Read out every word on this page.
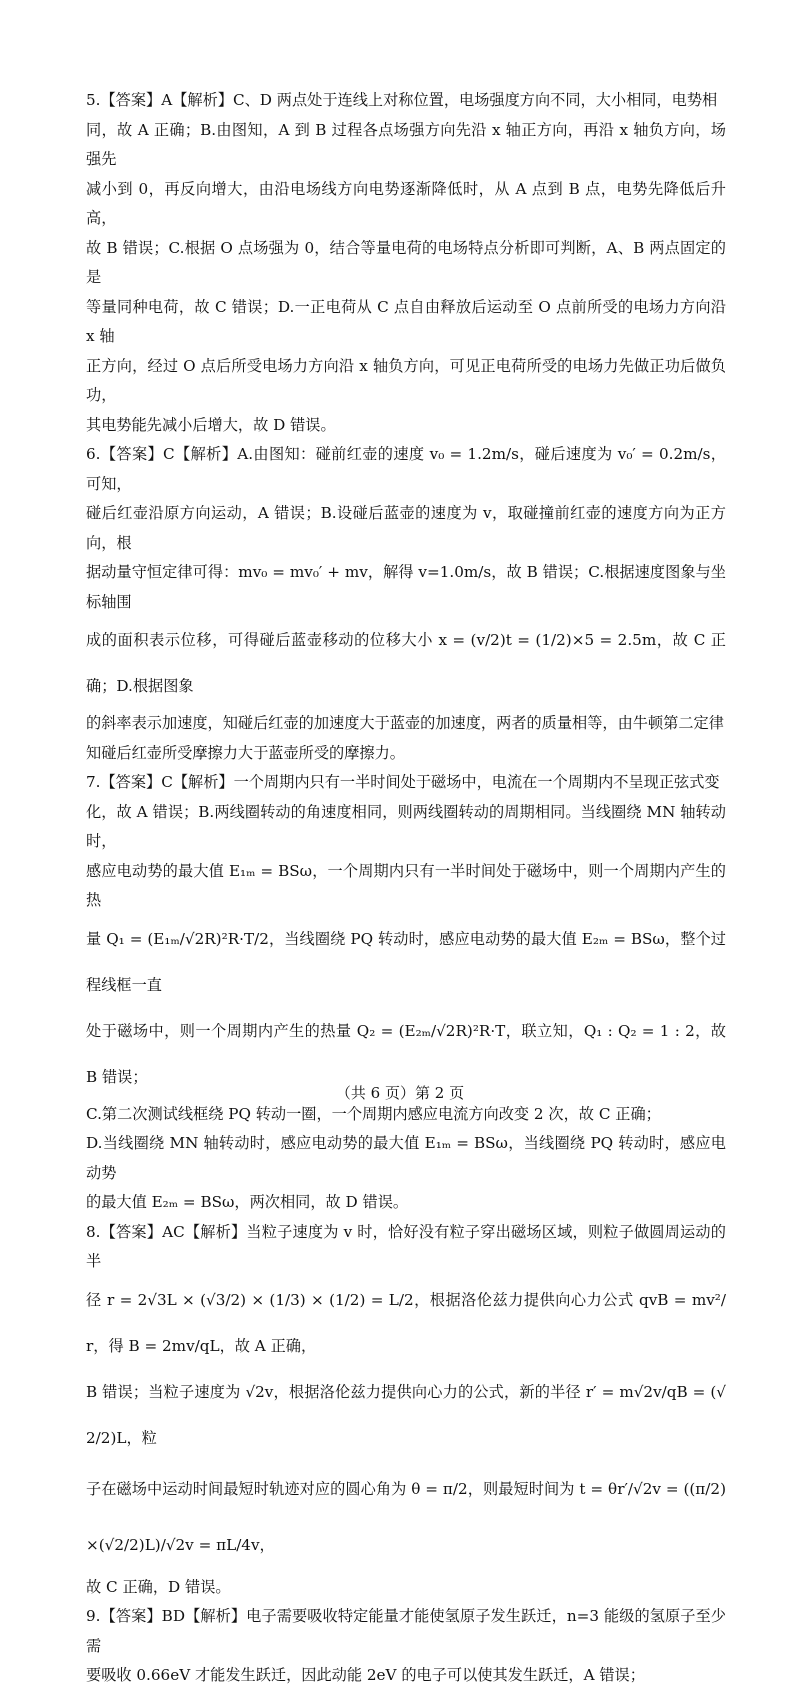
5.【答案】A【解析】C、D 两点处于连线上对称位置，电场强度方向不同，大小相同，电势相

同，故 A 正确；B.由图知，A 到 B 过程各点场强方向先沿 x 轴正方向，再沿 x 轴负方向，场强先

减小到 0，再反向增大，由沿电场线方向电势逐渐降低时，从 A 点到 B 点，电势先降低后升高，

故 B 错误；C.根据 O 点场强为 0，结合等量电荷的电场特点分析即可判断，A、B 两点固定的是

等量同种电荷，故 C 错误；D.一正电荷从 C 点自由释放后运动至 O 点前所受的电场力方向沿 x 轴

正方向，经过 O 点后所受电场力方向沿 x 轴负方向，可见正电荷所受的电场力先做正功后做负功，

其电势能先减小后增大，故 D 错误。

6.【答案】C【解析】A.由图知：碰前红壶的速度 v₀ = 1.2m/s，碰后速度为 v₀′ = 0.2m/s，可知，

碰后红壶沿原方向运动，A 错误；B.设碰后蓝壶的速度为 v，取碰撞前红壶的速度方向为正方向，根

据动量守恒定律可得：mv₀ = mv₀′ + mv，解得 v=1.0m/s，故 B 错误；C.根据速度图象与坐标轴围

成的面积表示位移，可得碰后蓝壶移动的位移大小 x = (v/2)t = (1/2)×5 = 2.5m，故 C 正确；D.根据图象

的斜率表示加速度，知碰后红壶的加速度大于蓝壶的加速度，两者的质量相等，由牛顿第二定律

知碰后红壶所受摩擦力大于蓝壶所受的摩擦力。

7.【答案】C【解析】一个周期内只有一半时间处于磁场中，电流在一个周期内不呈现正弦式变

化，故 A 错误；B.两线圈转动的角速度相同，则两线圈转动的周期相同。当线圈绕 MN 轴转动时，

感应电动势的最大值 E₁ₘ = BSω，一个周期内只有一半时间处于磁场中，则一个周期内产生的热

量 Q₁ = (E₁ₘ/√2R)²R·T/2，当线圈绕 PQ 转动时，感应电动势的最大值 E₂ₘ = BSω，整个过程线框一直

处于磁场中，则一个周期内产生的热量 Q₂ = (E₂ₘ/√2R)²R·T，联立知，Q₁ : Q₂ = 1 : 2，故 B 错误；

C.第二次测试线框绕 PQ 转动一圈，一个周期内感应电流方向改变 2 次，故 C 正确；

D.当线圈绕 MN 轴转动时，感应电动势的最大值 E₁ₘ = BSω，当线圈绕 PQ 转动时，感应电动势

的最大值 E₂ₘ = BSω，两次相同，故 D 错误。

8.【答案】AC【解析】当粒子速度为 v 时，恰好没有粒子穿出磁场区域，则粒子做圆周运动的半

径 r = 2√3L × (√3/2) × (1/3) × (1/2) = L/2，根据洛伦兹力提供向心力公式 qvB = mv²/r，得 B = 2mv/qL，故 A 正确，

B 错误；当粒子速度为 √2v，根据洛伦兹力提供向心力的公式，新的半径 r′ = m√2v/qB = (√2/2)L，粒

子在磁场中运动时间最短时轨迹对应的圆心角为 θ = π/2，则最短时间为 t = θr′/√2v = ((π/2)×(√2/2)L)/√2v = πL/4v，

故 C 正确，D 错误。

9.【答案】BD【解析】电子需要吸收特定能量才能使氢原子发生跃迁，n=3 能级的氢原子至少需

要吸收 0.66eV 才能发生跃迁，因此动能 2eV 的电子可以使其发生跃迁，A 错误；

（共 6 页）第 2 页
